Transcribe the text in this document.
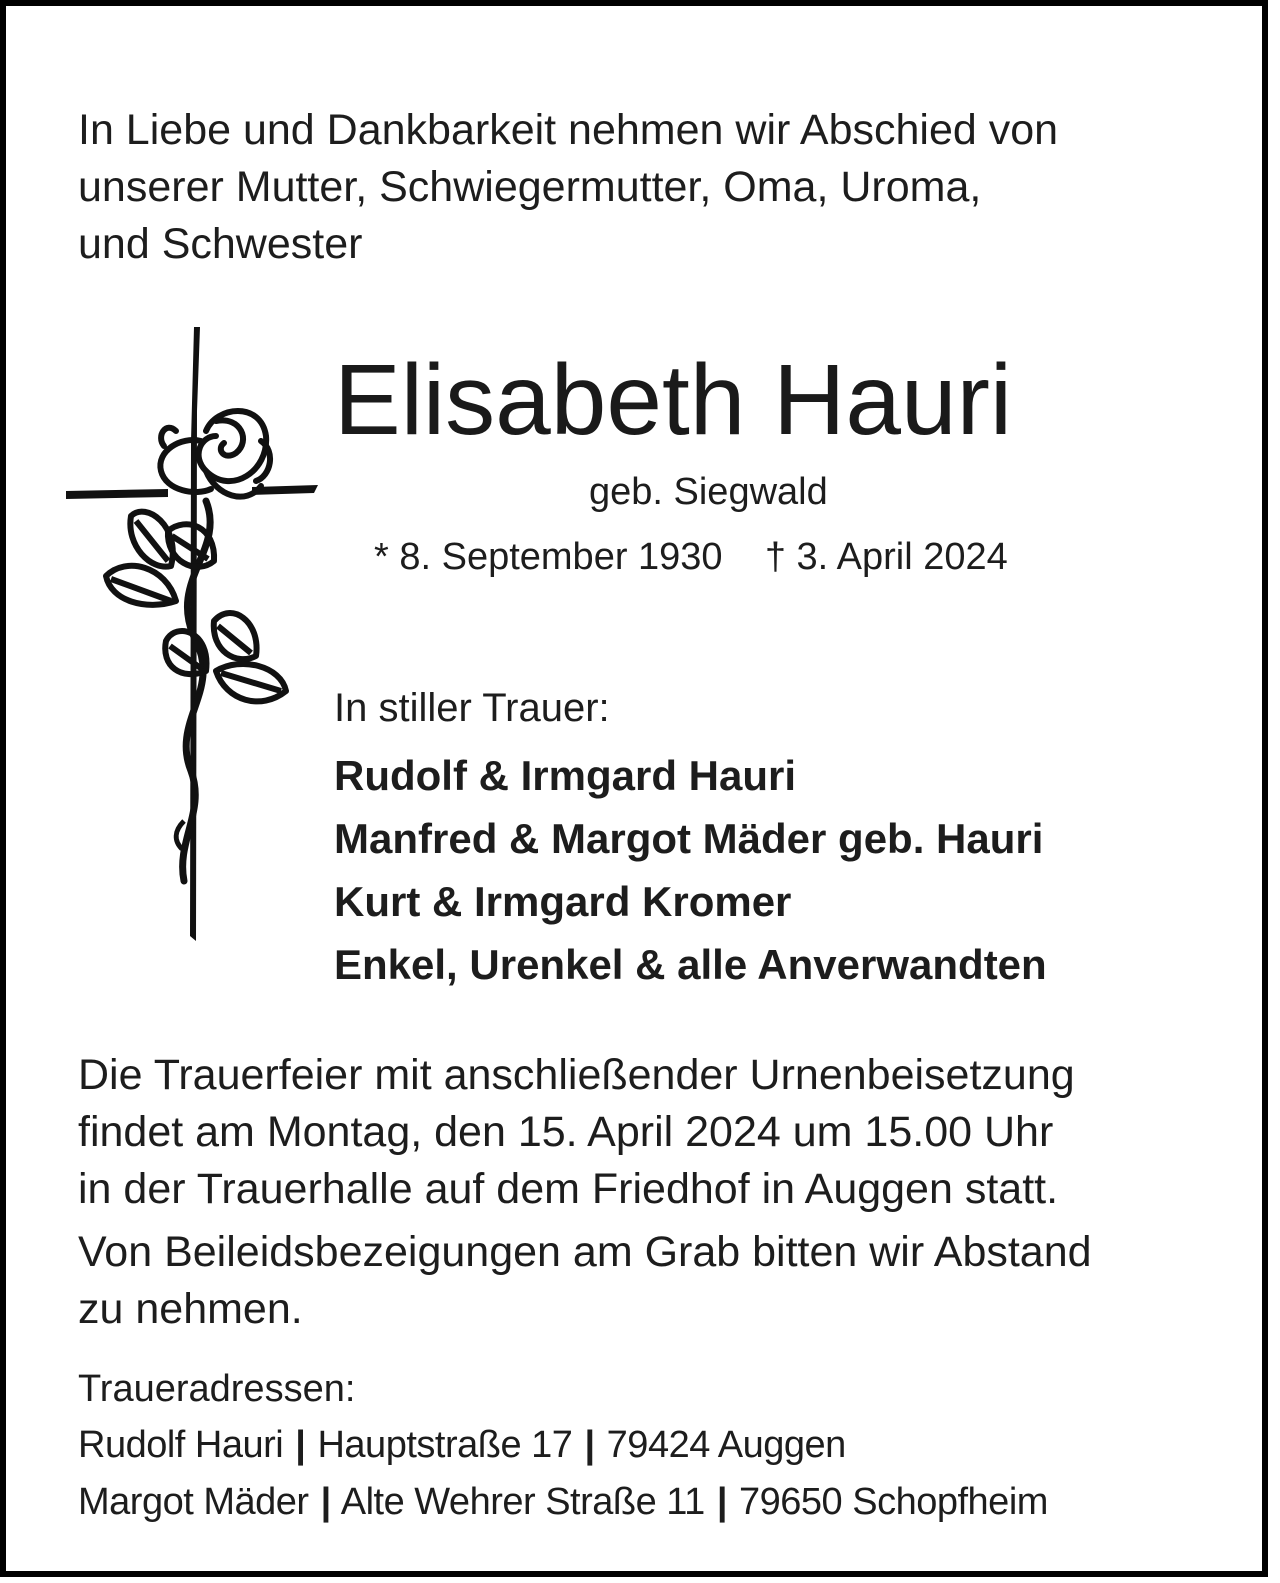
In Liebe und Dankbarkeit nehmen wir Abschied von
unserer Mutter, Schwiegermutter, Oma, Uroma,
und Schwester
Elisabeth Hauri
geb. Siegwald
* 8. September 1930 † 3. April 2024
In stiller Trauer:
Rudolf & Irmgard Hauri
Manfred & Margot Mäder geb. Hauri
Kurt & Irmgard Kromer
Enkel, Urenkel & alle Anverwandten
Die Trauerfeier mit anschließender Urnenbeisetzung
findet am Montag, den 15. April 2024 um 15.00 Uhr
in der Trauerhalle auf dem Friedhof in Auggen statt.
Von Beileidsbezeigungen am Grab bitten wir Abstand
zu nehmen.
Traueradressen:
Rudolf Hauri | Hauptstraße 17 | 79424 Auggen
Margot Mäder | Alte Wehrer Straße 11 | 79650 Schopfheim
